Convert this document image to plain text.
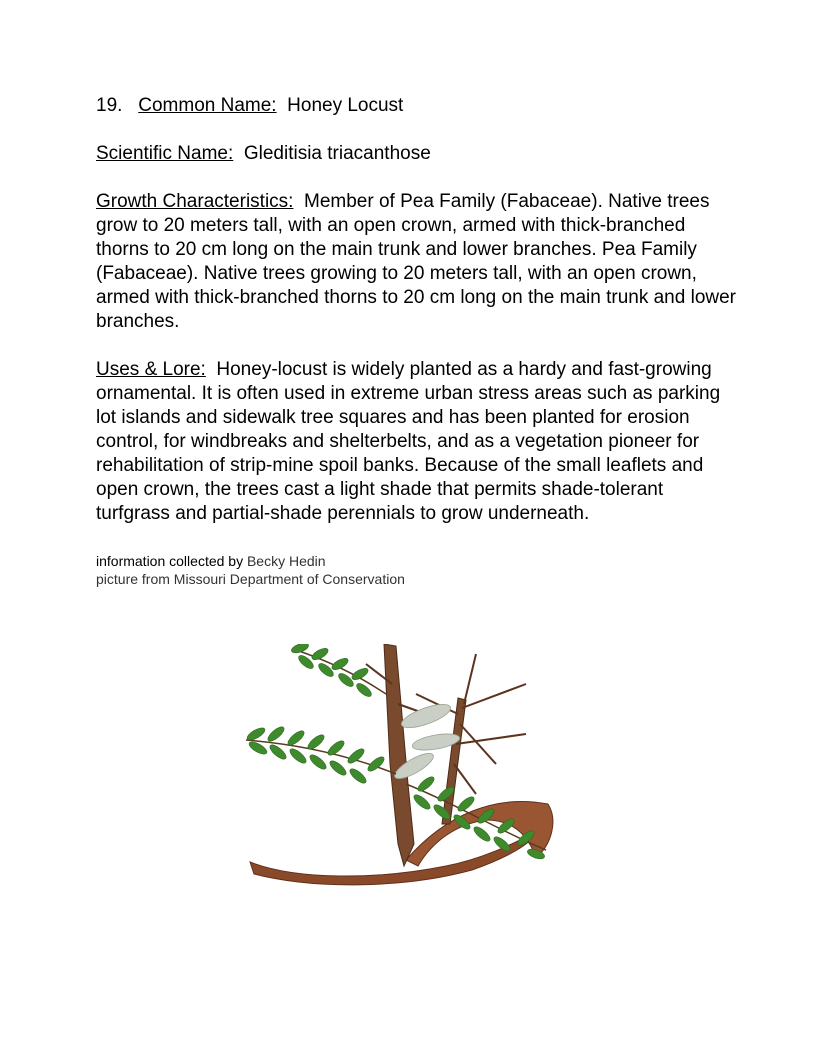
19. Common Name: Honey Locust

Scientific Name: Gleditisia triacanthose

Growth Characteristics: Member of Pea Family (Fabaceae). Native trees grow to 20 meters tall, with an open crown, armed with thick-branched thorns to 20 cm long on the main trunk and lower branches. Pea Family (Fabaceae). Native trees growing to 20 meters tall, with an open crown, armed with thick-branched thorns to 20 cm long on the main trunk and lower branches.

Uses & Lore: Honey-locust is widely planted as a hardy and fast-growing ornamental. It is often used in extreme urban stress areas such as parking lot islands and sidewalk tree squares and has been planted for erosion control, for windbreaks and shelterbelts, and as a vegetation pioneer for rehabilitation of strip-mine spoil banks. Because of the small leaflets and open crown, the trees cast a light shade that permits shade-tolerant turfgrass and partial-shade perennials to grow underneath.

information collected by Becky Hedin
picture from Missouri Department of Conservation
